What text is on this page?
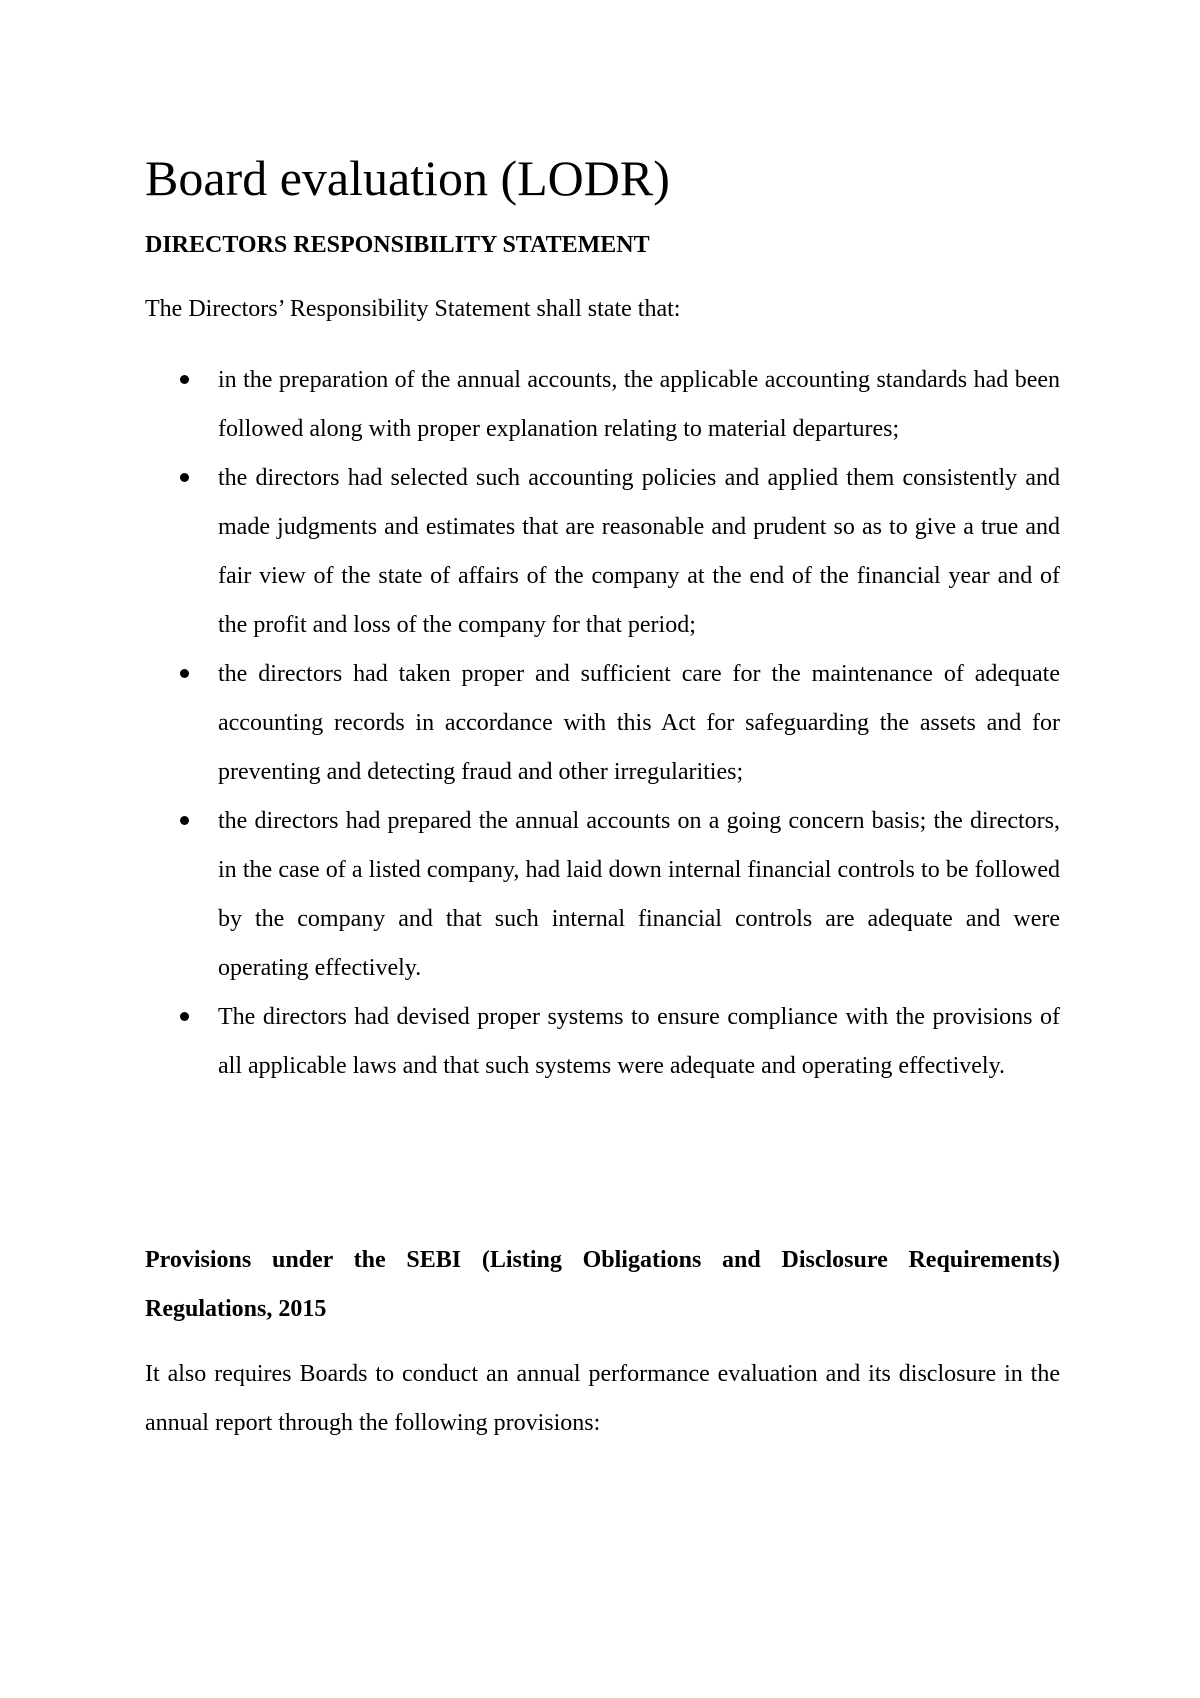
Board evaluation (LODR)
DIRECTORS RESPONSIBILITY STATEMENT

The Directors’ Responsibility Statement shall state that:

in the preparation of the annual accounts, the applicable accounting standards had been followed along with proper explanation relating to material departures;
the directors had selected such accounting policies and applied them consistently and made judgments and estimates that are reasonable and prudent so as to give a true and fair view of the state of affairs of the company at the end of the financial year and of the profit and loss of the company for that period;
the directors had taken proper and sufficient care for the maintenance of adequate accounting records in accordance with this Act for safeguarding the assets and for preventing and detecting fraud and other irregularities;
the directors had prepared the annual accounts on a going concern basis; the directors, in the case of a listed company, had laid down internal financial controls to be followed by the company and that such internal financial controls are adequate and were operating effectively.
The directors had devised proper systems to ensure compliance with the provisions of all applicable laws and that such systems were adequate and operating effectively.

Provisions under the SEBI (Listing Obligations and Disclosure Requirements) Regulations, 2015

It also requires Boards to conduct an annual performance evaluation and its disclosure in the annual report through the following provisions:
